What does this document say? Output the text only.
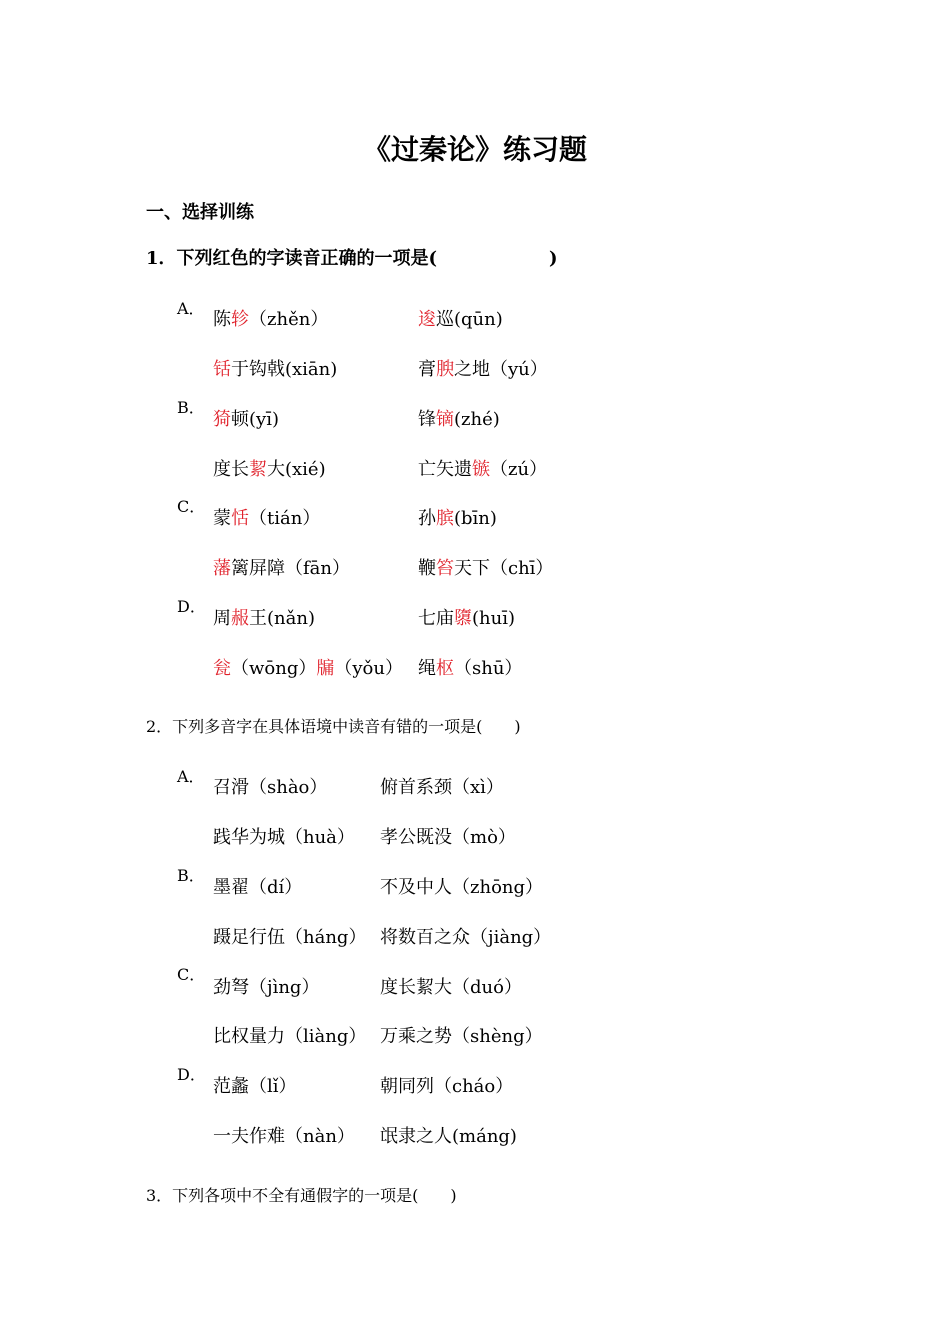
《过秦论》练习题
一、选择训练
1．下列红色的字读音正确的一项是(	)
A．
B．
C．
D．
陈轸（zhěn）	逡巡(qūn)
铦于钩戟(xiān)	膏腴之地（yú）
猗顿(yī)	锋镝(zhé)
度长絜大(xié)	亡矢遗镞（zú）
蒙恬（tián）	孙膑(bīn)
藩篱屏障（fān）	鞭笞天下（chī）
周赧王(nǎn)	七庙隳(huī)
瓮（wōng）牖（yǒu） 绳枢（shū）
2．下列多音字在具体语境中读音有错的一项是(　　)
A．
B．
C．
D．
召滑（shào）	俯首系颈（xì）
践华为城（huà） 孝公既没（mò）
墨翟（dí）	不及中人（zhōng）
蹑足行伍（háng） 将数百之众（jiàng）
劲弩（jìng）	度长絜大（duó）
比权量力（liàng） 万乘之势（shèng）
范蠡（lǐ）	朝同列（cháo）
一夫作难（nàn） 氓隶之人(máng)
3．下列各项中不全有通假字的一项是(　　)
